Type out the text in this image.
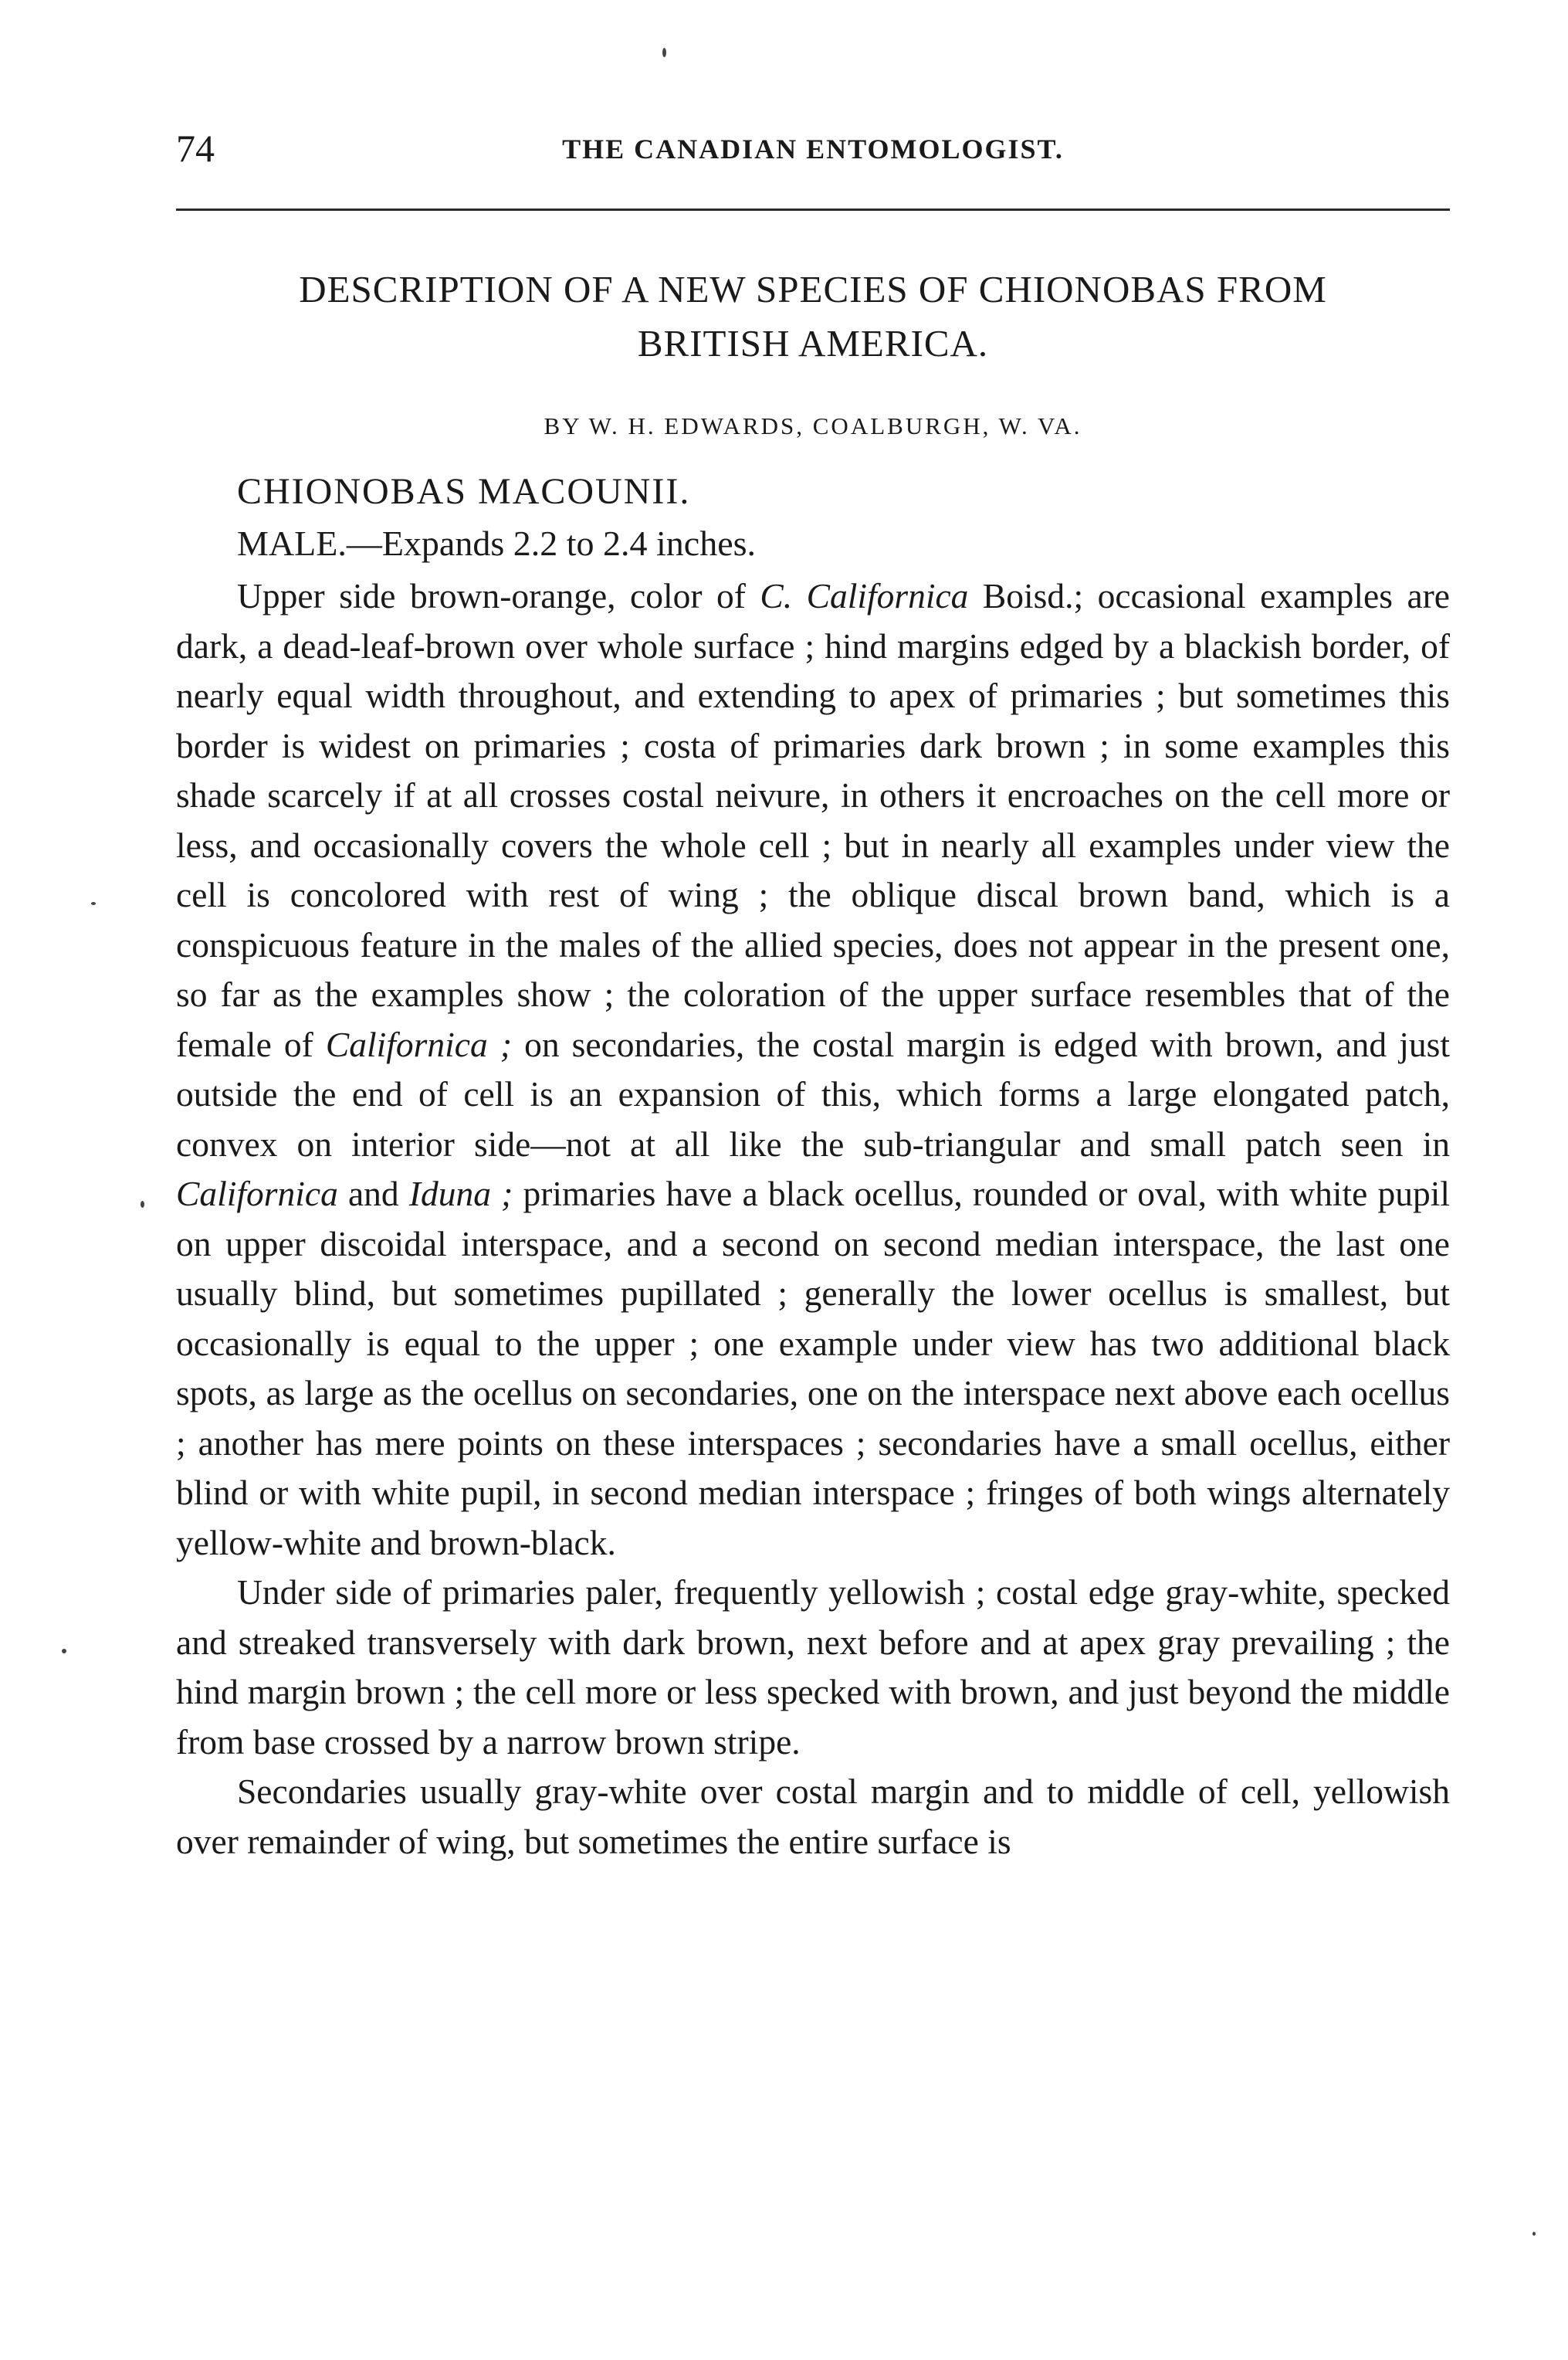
74	THE CANADIAN ENTOMOLOGIST.
DESCRIPTION OF A NEW SPECIES OF CHIONOBAS FROM
BRITISH AMERICA.
BY W. H. EDWARDS, COALBURGH, W. VA.
CHIONOBAS MACOUNII.
MALE.—Expands 2.2 to 2.4 inches.

Upper side brown-orange, color of C. Californica Boisd.; occasional examples are dark, a dead-leaf-brown over whole surface ; hind margins edged by a blackish border, of nearly equal width throughout, and extending to apex of primaries ; but sometimes this border is widest on primaries ; costa of primaries dark brown ; in some examples this shade scarcely if at all crosses costal neivure, in others it encroaches on the cell more or less, and occasionally covers the whole cell ; but in nearly all examples under view the cell is concolored with rest of wing ; the oblique discal brown band, which is a conspicuous feature in the males of the allied species, does not appear in the present one, so far as the examples show ; the coloration of the upper surface resembles that of the female of Californica ; on secondaries, the costal margin is edged with brown, and just outside the end of cell is an expansion of this, which forms a large elongated patch, convex on interior side—not at all like the sub-triangular and small patch seen in Californica and Iduna ; primaries have a black ocellus, rounded or oval, with white pupil on upper discoidal interspace, and a second on second median interspace, the last one usually blind, but sometimes pupillated ; generally the lower ocellus is smallest, but occasionally is equal to the upper ; one example under view has two additional black spots, as large as the ocellus on secondaries, one on the interspace next above each ocellus ; another has mere points on these interspaces ; secondaries have a small ocellus, either blind or with white pupil, in second median interspace ; fringes of both wings alternately yellow-white and brown-black.

Under side of primaries paler, frequently yellowish ; costal edge gray-white, specked and streaked transversely with dark brown, next before and at apex gray prevailing ; the hind margin brown ; the cell more or less specked with brown, and just beyond the middle from base crossed by a narrow brown stripe.

Secondaries usually gray-white over costal margin and to middle of cell, yellowish over remainder of wing, but sometimes the entire surface is
